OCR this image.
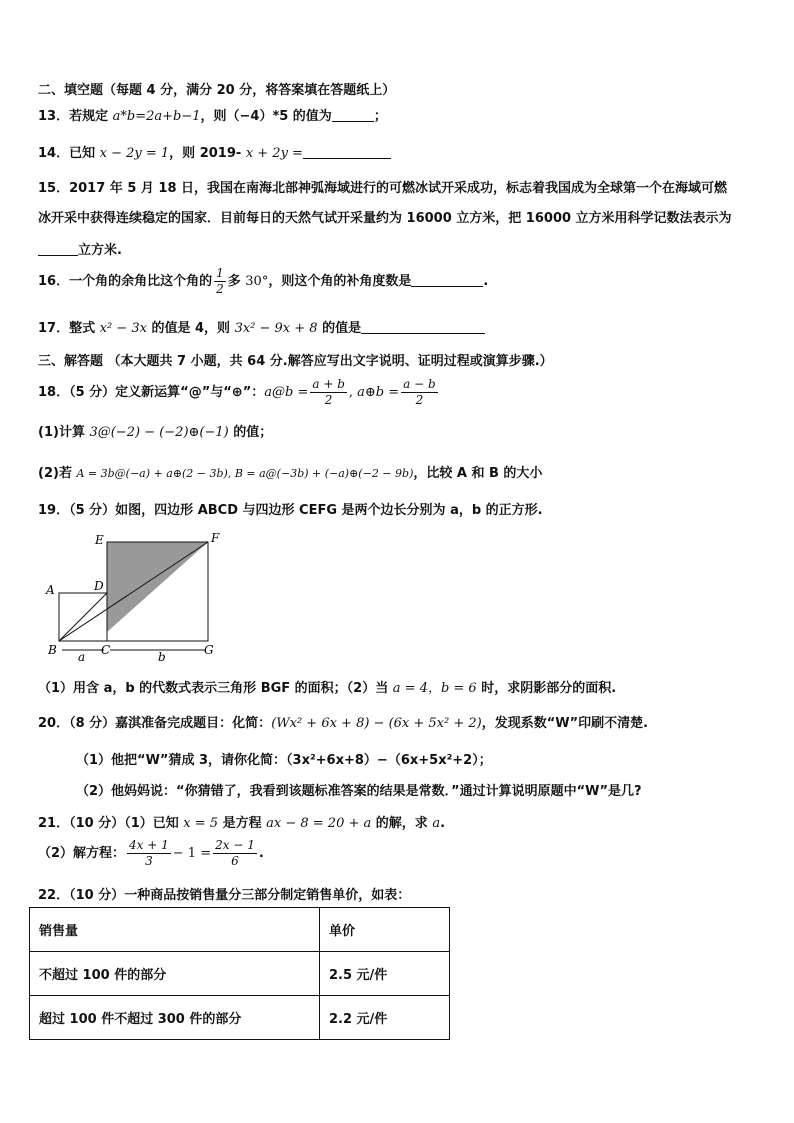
二、填空题（每题 4 分，满分 20 分，将答案填在答题纸上）
13．若规定 a*b=2a+b−1，则（−4）*5 的值为	；
14．已知 x − 2y = 1，则 2019- x + 2y =
15．2017 年 5 月 18 日，我国在南海北部神弧海域进行的可燃冰试开采成功，标志着我国成为全球第一个在海域可燃
冰开采中获得连续稳定的国家．目前每日的天然气试开采量约为 16000 立方米，把 16000 立方米用科学记数法表示为
立方米.
16．一个角的余角比这个角的 $\frac{1}{2}$ 多 30°，则这个角的补角度数是	.
17．整式 x² − 3x 的值是 4，则 3x² − 9x + 8 的值是
三、解答题 （本大题共 7 小题，共 64 分.解答应写出文字说明、证明过程或演算步骤.）
18．（5 分）定义新运算“@”与“⊕”：a@b = $\frac{a + b}{2}$ , a⊕b = $\frac{a - b}{2}$
(1)计算 3@(−2) − (−2)⊕(−1) 的值；
(2)若 A = 3b@(−a) + a⊕(2 − 3b), B = a@(−3b) + (−a)⊕(−2 − 9b)，比较 A 和 B 的大小
19．（5 分）如图，四边形 ABCD 与四边形 CEFG 是两个边长分别为 a，b 的正方形.
E	F
A	D
B	C	G
a	b
（1）用含 a，b 的代数式表示三角形 BGF 的面积；（2）当 a = 4，b = 6 时，求阴影部分的面积.
20．（8 分）嘉淇准备完成题目：化简：(Wx² + 6x + 8) − (6x + 5x² + 2)，发现系数“W”印刷不清楚.
（1）他把“W”猜成 3，请你化简：（3x²+6x+8）−（6x+5x²+2）；
（2）他妈妈说：“你猜错了，我看到该题标准答案的结果是常数．”通过计算说明原题中“W”是几?
21．（10 分）（1）已知 x = 5 是方程 ax − 8 = 20 + a 的解，求 a.
（2）解方程： $\frac{4x + 1}{3} - 1 = \frac{2x - 1}{6}$ .
22．（10 分）一种商品按销售量分三部分制定销售单价，如表：
销售量	单价
不超过 100 件的部分	2.5 元/件
超过 100 件不超过 300 件的部分	2.2 元/件
